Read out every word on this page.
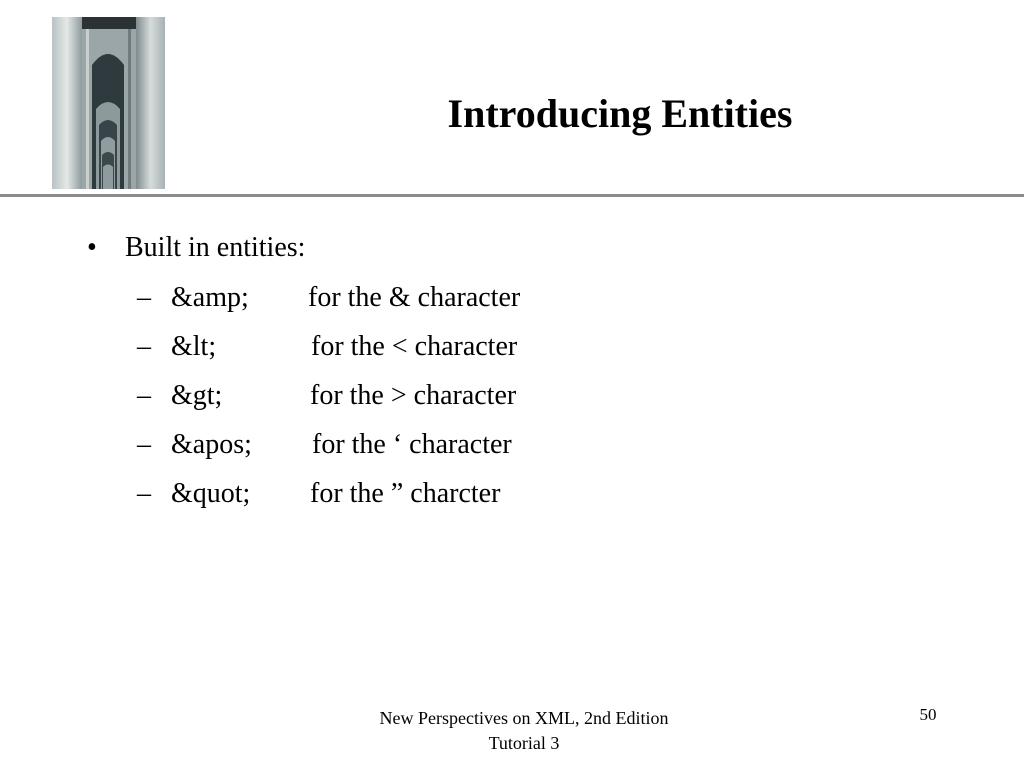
Introducing Entities
• Built in entities:
– &amp; for the & character
– &lt;	for the < character
– &gt;	for the > character
– &apos; for the ‘ character
– &quot; for the ” charcter
New Perspectives on XML, 2nd Edition
Tutorial 3
50
